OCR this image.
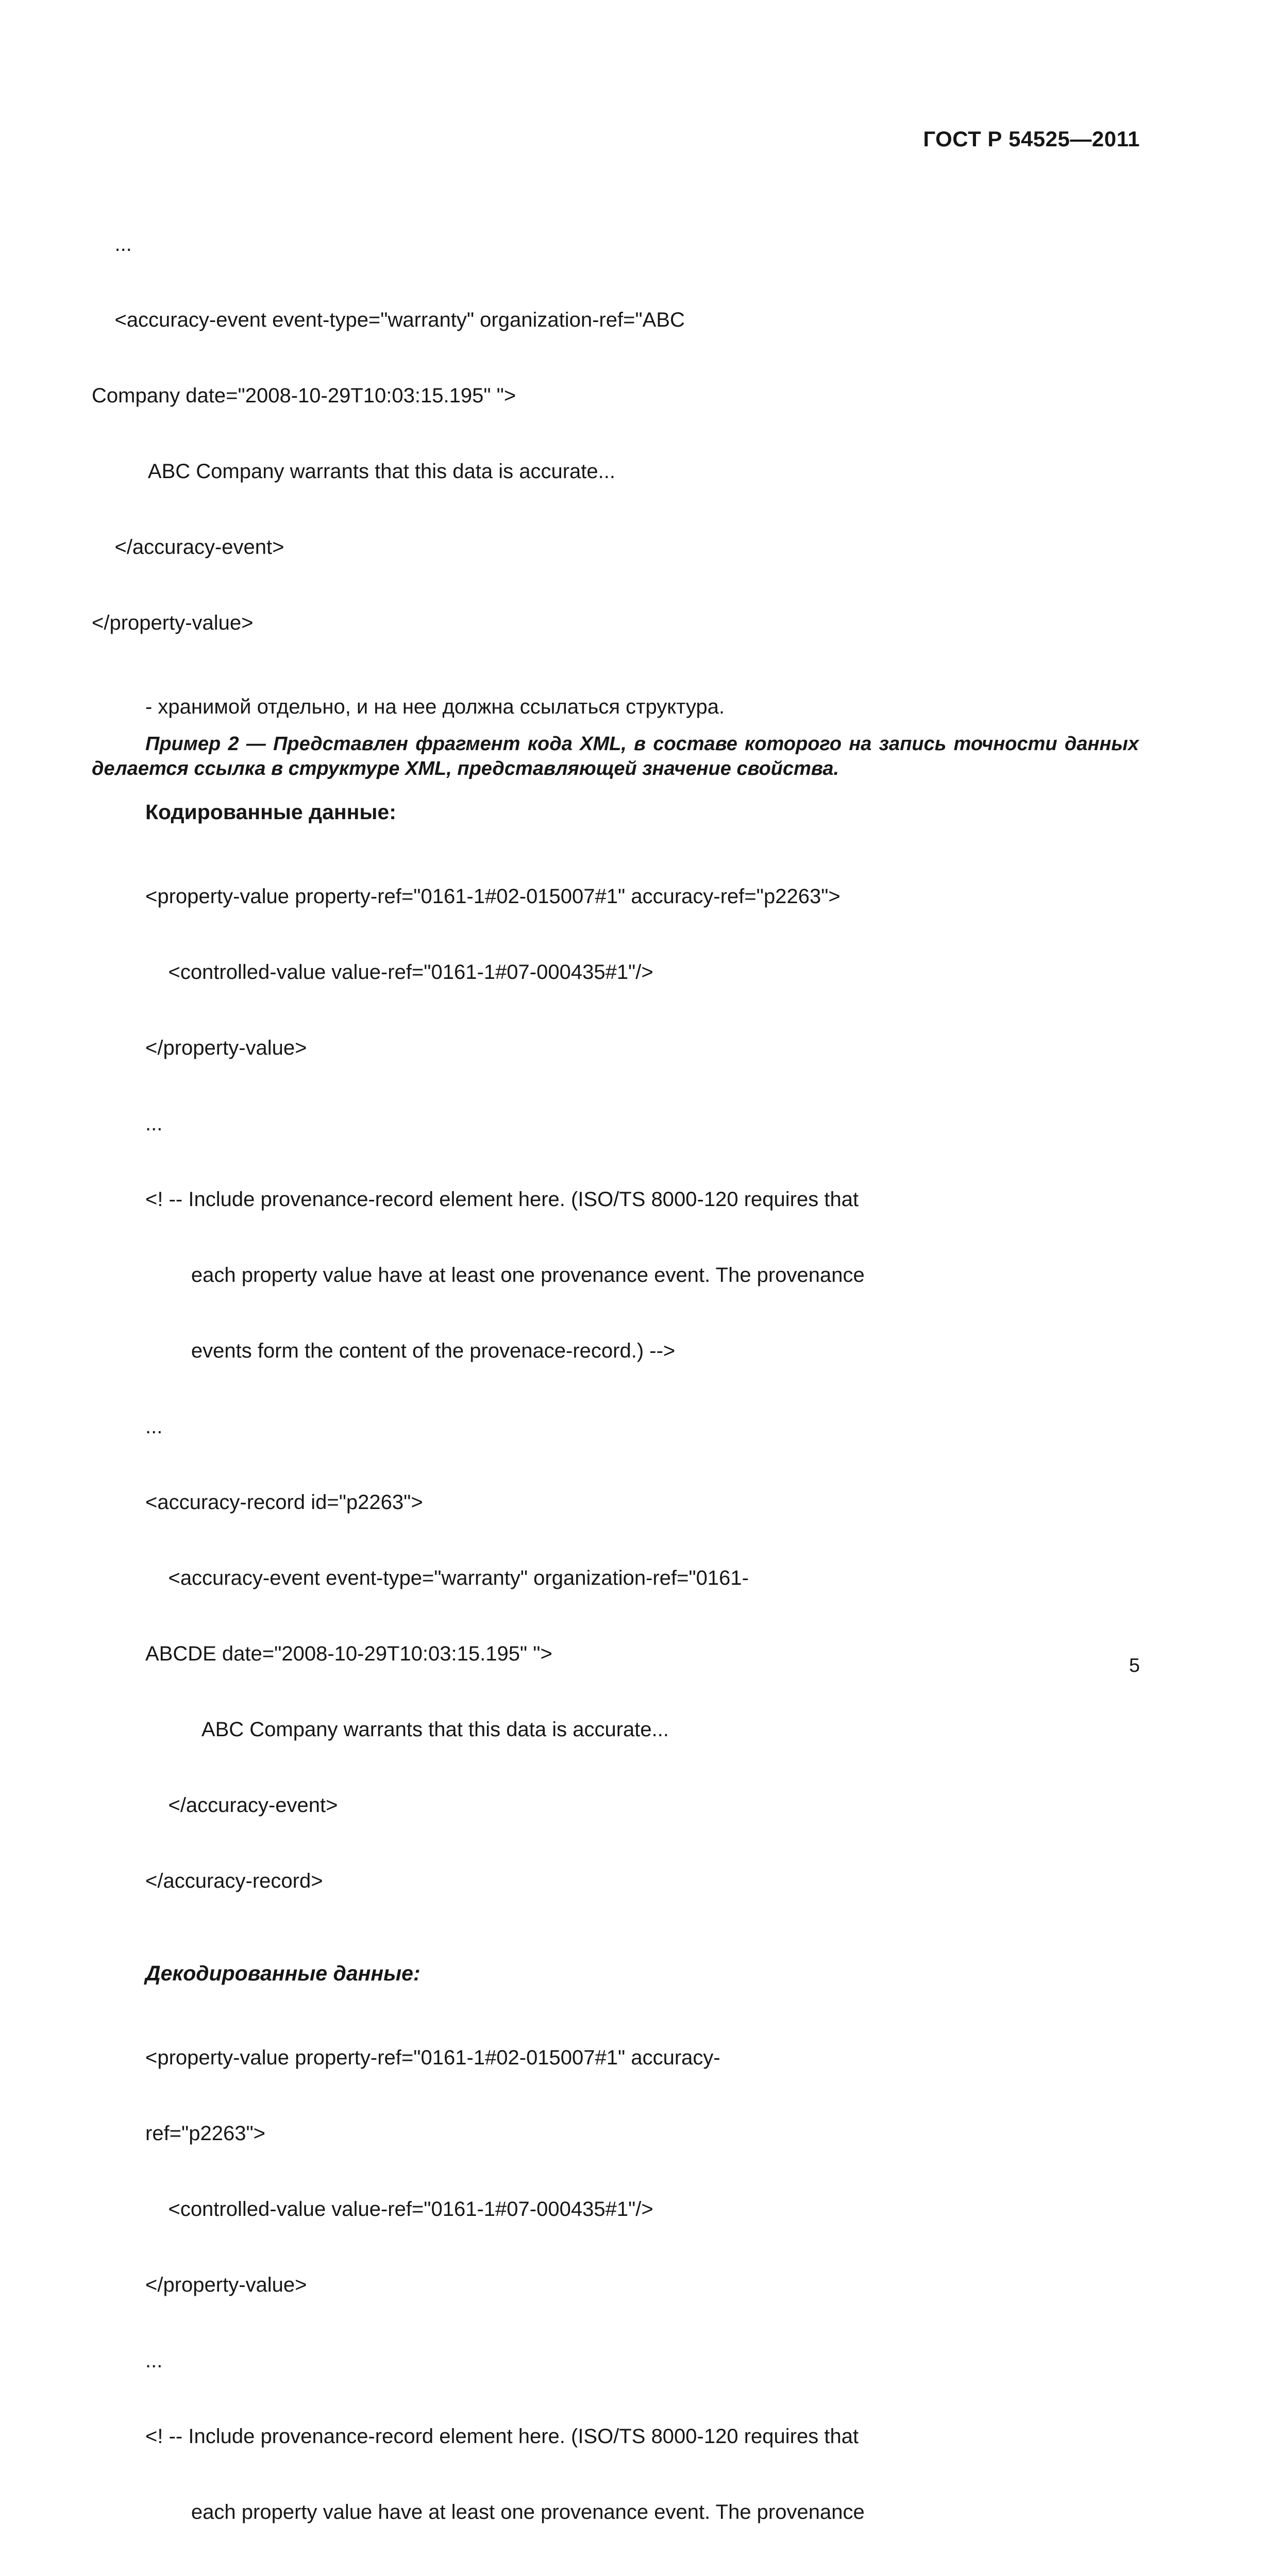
ГОСТ Р 54525—2011

...

<accuracy-event event-type="warranty" organization-ref="ABC

Company date="2008-10-29T10:03:15.195" ">

ABC Company warrants that this data is accurate...

</accuracy-event>

</property-value>

- хранимой отдельно, и на нее должна ссылаться структура.

Пример 2 — Представлен фрагмент кода XML, в составе которого на запись точности данных делается ссылка в структуре XML, представляющей значение свойства.

Кодированные данные:

<property-value property-ref="0161-1#02-015007#1" accuracy-ref="p2263">

<controlled-value value-ref="0161-1#07-000435#1"/>

</property-value>

...

<! -- Include provenance-record element here. (ISO/TS 8000-120 requires that

each property value have at least one provenance event. The provenance

events form the content of the provenace-record.) -->

...

<accuracy-record id="p2263">

<accuracy-event event-type="warranty" organization-ref="0161-

ABCDE date="2008-10-29T10:03:15.195" ">

ABC Company warrants that this data is accurate...

</accuracy-event>

</accuracy-record>

Декодированные данные:

<property-value property-ref="0161-1#02-015007#1" accuracy-

ref="p2263">

<controlled-value value-ref="0161-1#07-000435#1"/>

</property-value>

...

<! -- Include provenance-record element here. (ISO/TS 8000-120 requires that

each property value have at least one provenance event. The provenance

5
